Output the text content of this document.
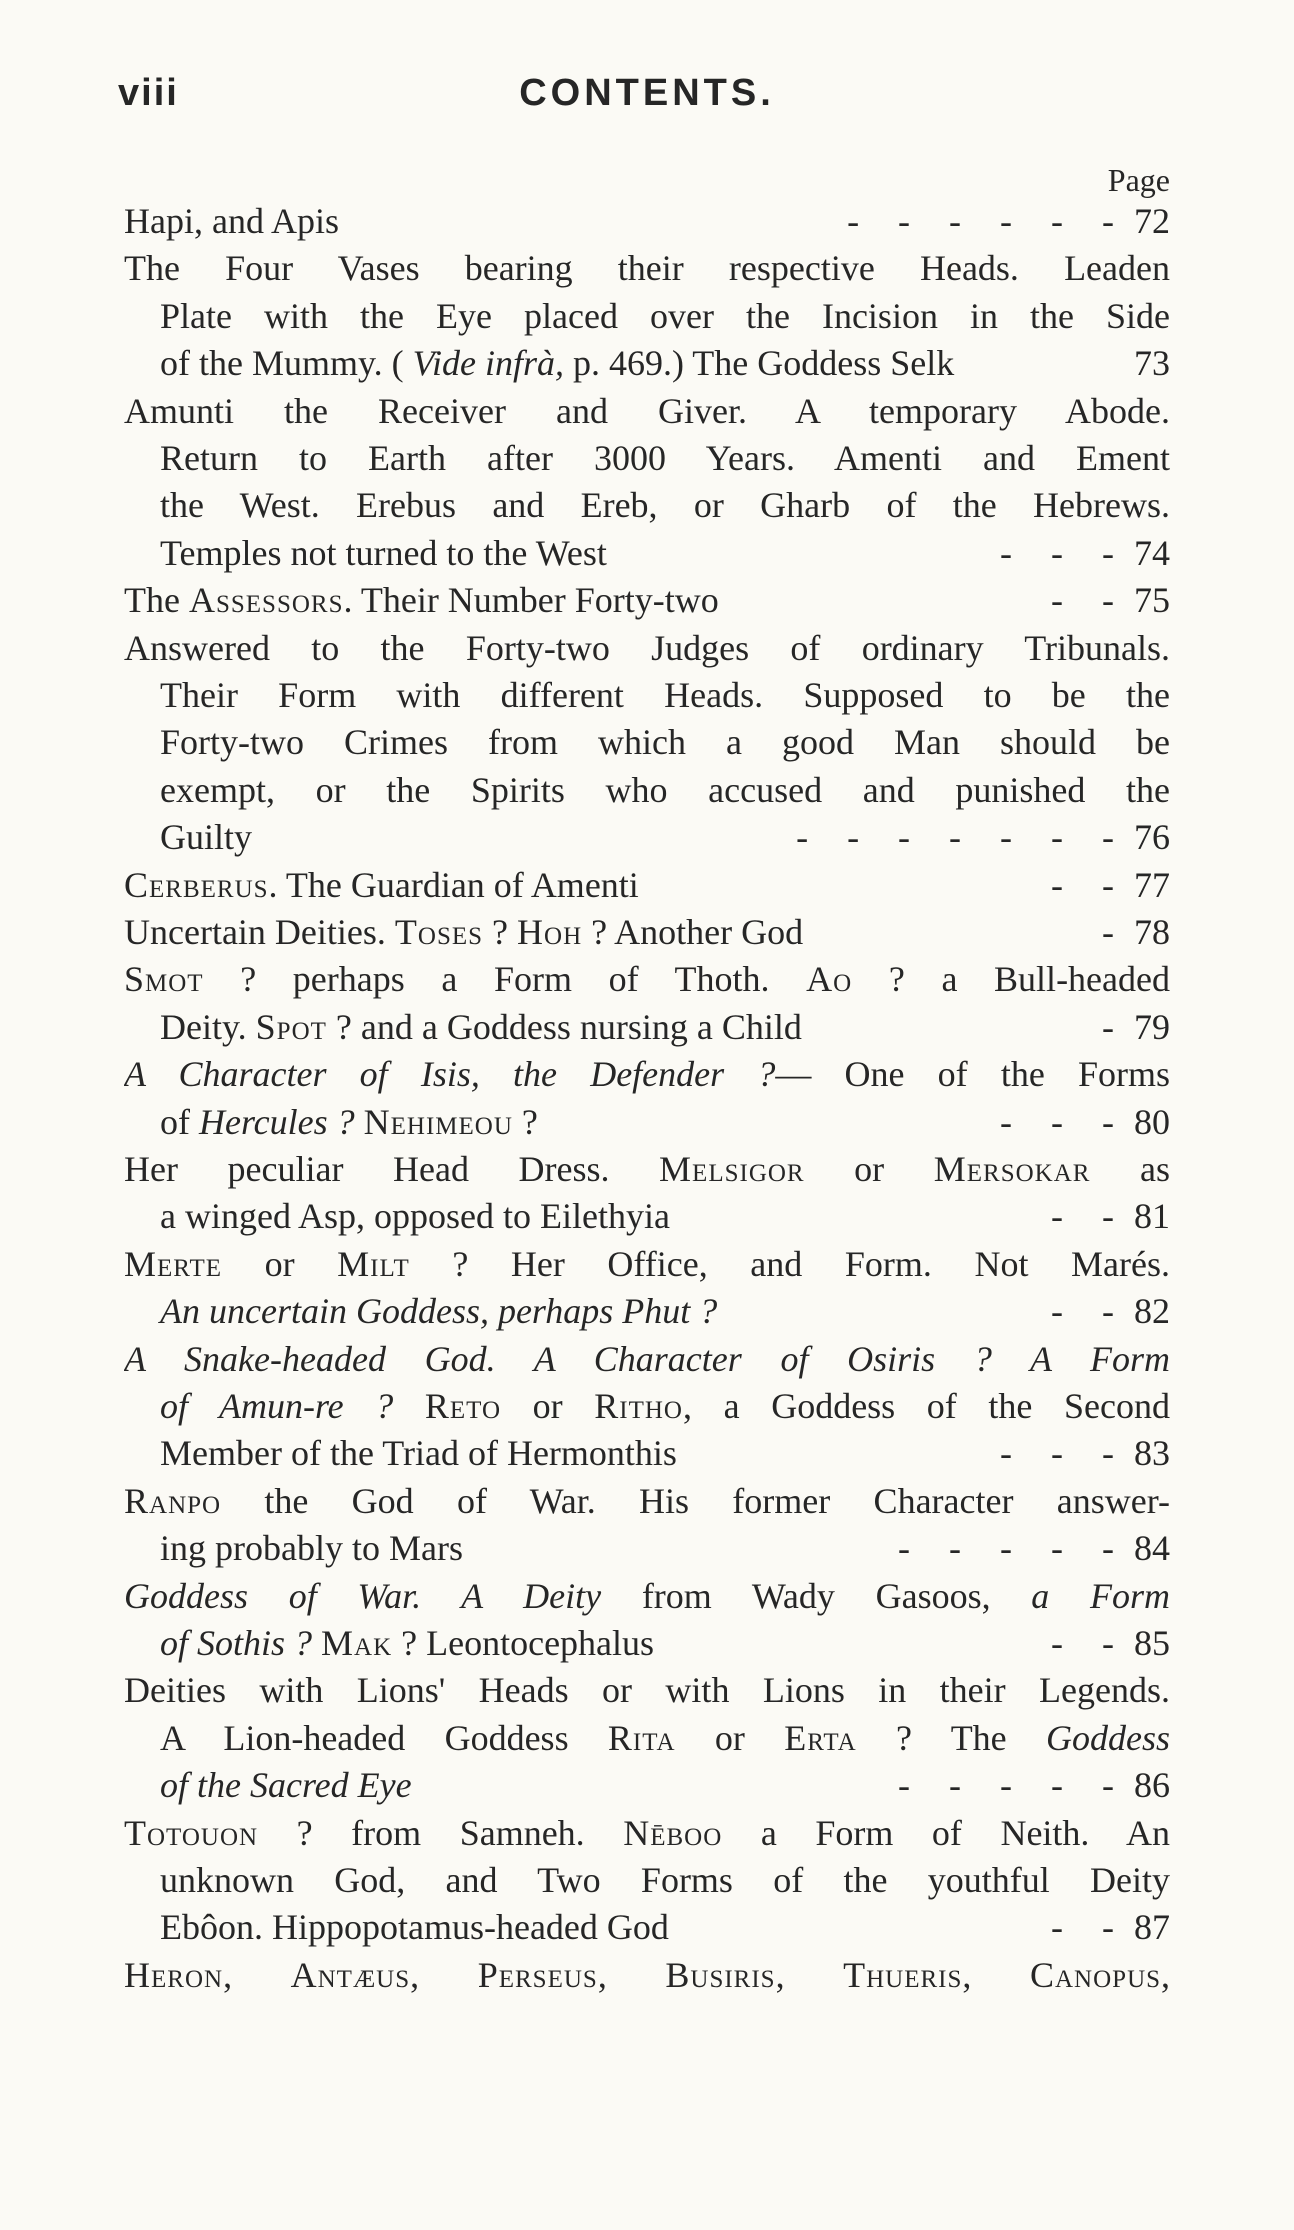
viii	CONTENTS.
Page
Hapi, and Apis	- - - - - - 72
The Four Vases bearing their respective Heads. Leaden
Plate with the Eye placed over the Incision in the Side
of the Mummy. ( Vide infrà, p. 469.) The Goddess Selk	73
Amunti the Receiver and Giver. A temporary Abode.
Return to Earth after 3000 Years. Amenti and Ement
the West. Erebus and Ereb, or Gharb of the Hebrews.
Temples not turned to the West	- - - 74
The Assessors. Their Number Forty-two	- - 75
Answered to the Forty-two Judges of ordinary Tribunals.
Their Form with different Heads. Supposed to be the
Forty-two Crimes from which a good Man should be
exempt, or the Spirits who accused and punished the
Guilty	- - - - - - - 76
Cerberus. The Guardian of Amenti	- - 77
Uncertain Deities. Toses ? Hoh ? Another God	- 78
Smot ? perhaps a Form of Thoth. Ao ? a Bull-headed
Deity. Spot ? and a Goddess nursing a Child	- 79
A Character of Isis, the Defender ?— One of the Forms
of Hercules ? Nehimeou ?	- - - 80
Her peculiar Head Dress. Melsigor or Mersokar as
a winged Asp, opposed to Eilethyia	- - 81
Merte or Milt ? Her Office, and Form. Not Marés.
An uncertain Goddess, perhaps Phut ?	- - 82
A Snake-headed God. A Character of Osiris ? A Form
of Amun-re ? Reto or Ritho, a Goddess of the Second
Member of the Triad of Hermonthis	- - - 83
Ranpo the God of War. His former Character answer-
ing probably to Mars	- - - - - 84
Goddess of War. A Deity from Wady Gasoos, a Form
of Sothis ? Mak ? Leontocephalus	- - 85
Deities with Lions' Heads or with Lions in their Legends.
A Lion-headed Goddess Rita or Erta ? The Goddess
of the Sacred Eye	- - - - - 86
Totouon ? from Samneh. Nēboo a Form of Neith. An
unknown God, and Two Forms of the youthful Deity
Ebôon. Hippopotamus-headed God	- - 87
Heron, Antæus, Perseus, Busiris, Thueris, Canopus,
